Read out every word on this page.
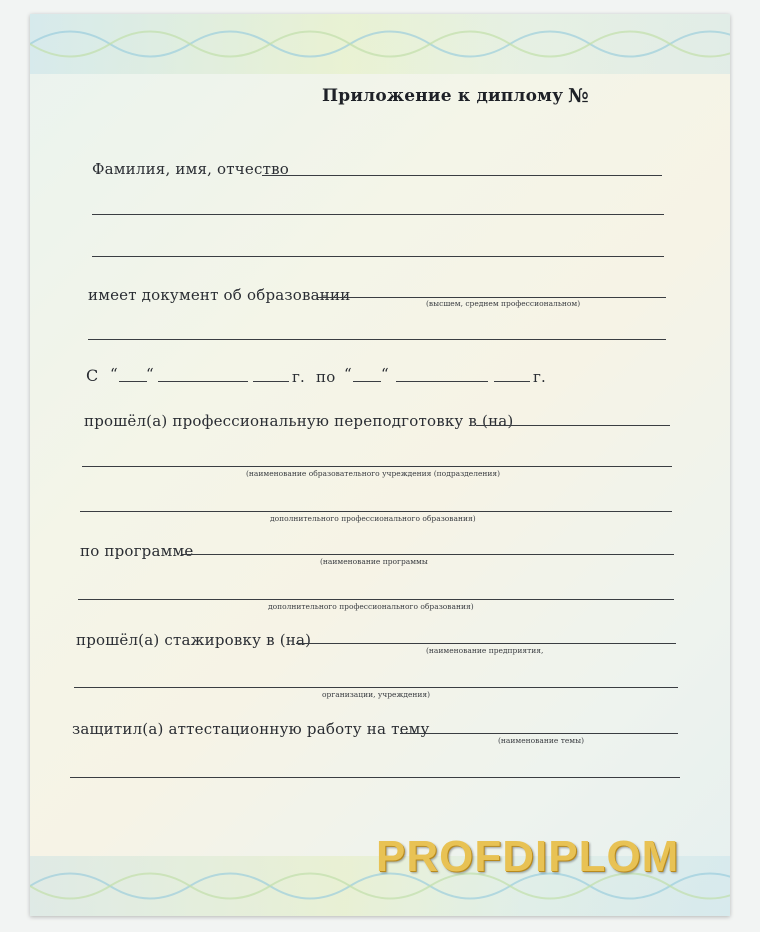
Приложение к диплому №
Фамилия, имя, отчество
имеет документ об образовании	(высшем, среднем профессиональном)
С “ “	г. по “ “	г.
прошёл(а) профессиональную переподготовку в (на)
(наименование образовательного учреждения (подразделения)
дополнительного профессионального образования)
по программе
(наименование программы
дополнительного профессионального образования)
прошёл(а) стажировку в (на)
(наименование предприятия,
организации, учреждения)
защитил(а) аттестационную работу на тему
(наименование темы)
PROFDIPLOM
